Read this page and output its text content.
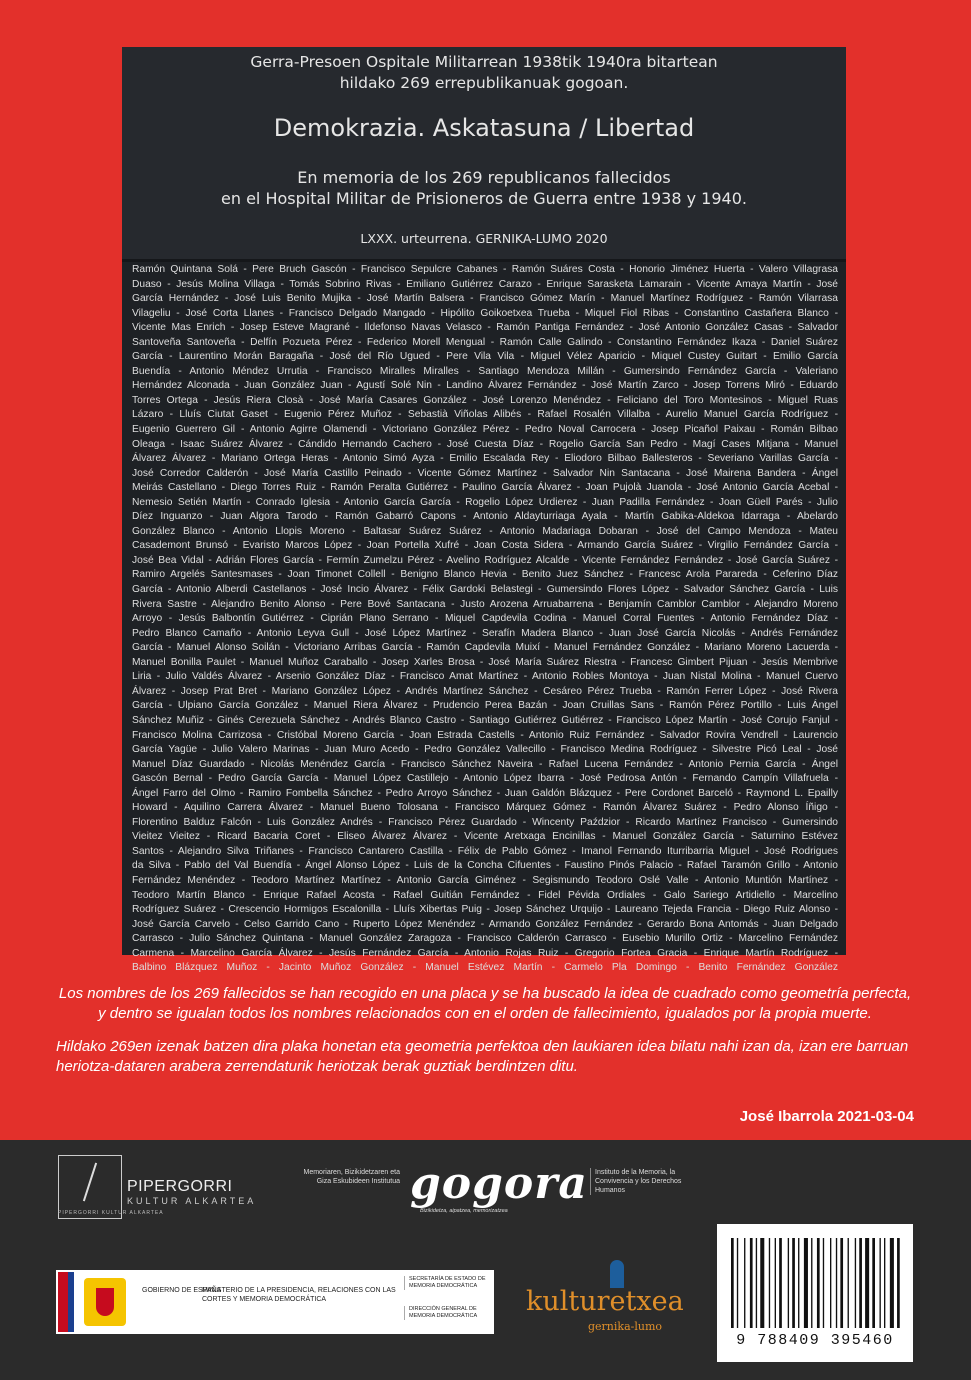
Gerra-Presoen Ospitale Militarrean 1938tik 1940ra bitartean
hildako 269 errepublikanuak gogoan.
Demokrazia. Askatasuna / Libertad
En memoria de los 269 republicanos fallecidos
en el Hospital Militar de Prisioneros de Guerra entre 1938 y 1940.
LXXX. urteurrena. GERNIKA-LUMO 2020
Ramón Quintana Solá - Pere Bruch Gascón - Francisco Sepulcre Cabanes - Ramón Suáres Costa - Honorio Jiménez Huerta - Valero Villagrasa
Duaso - Jesús Molina Villaga - Tomás Sobrino Rivas - Emiliano Gutiérrez Carazo - Enrique Sarasketa Lamarain - Vicente Amaya Martín - José
García Hernández - José Luis Benito Mujika - José Martín Balsera - Francisco Gómez Marín - Manuel Martínez Rodríguez - Ramón Vilarrasa
Vilageliu - José Corta Llanes - Francisco Delgado Mangado - Hipólito Goikoetxea Trueba - Miquel Fiol Ribas - Constantino Castañera Blanco -
Vicente Mas Enrich - Josep Esteve Magrané - Ildefonso Navas Velasco - Ramón Pantiga Fernández - José Antonio González Casas - Salvador
Santoveña Santoveña - Delfín Pozueta Pérez - Federico Morell Mengual - Ramón Calle Galindo - Constantino Fernández Ikaza - Daniel Suárez
García - Laurentino Morán Baragaña - José del Río Ugued - Pere Vila Vila - Miguel Vélez Aparicio - Miquel Custey Guitart - Emilio García
Buendía - Antonio Méndez Urrutia - Francisco Miralles Miralles - Santiago Mendoza Millán - Gumersindo Fernández García - Valeriano
Hernández Alconada - Juan González Juan - Agustí Solé Nin - Landino Álvarez Fernández - José Martín Zarco - Josep Torrens Miró - Eduardo
Torres Ortega - Jesús Riera Closà - José María Casares González - José Lorenzo Menéndez - Feliciano del Toro Montesinos - Miguel Ruas
Lázaro - Lluís Ciutat Gaset - Eugenio Pérez Muñoz - Sebastià Viñolas Alibés - Rafael Rosalén Villalba - Aurelio Manuel García Rodríguez -
Eugenio Guerrero Gil - Antonio Agirre Olamendi - Victoriano González Pérez - Pedro Noval Carrocera - Josep Picañol Paixau - Román Bilbao
Oleaga - Isaac Suárez Álvarez - Cándido Hernando Cachero - José Cuesta Díaz - Rogelio García San Pedro - Magí Cases Mitjana - Manuel
Álvarez Álvarez - Mariano Ortega Heras - Antonio Simó Ayza - Emilio Escalada Rey - Eliodoro Bilbao Ballesteros - Severiano Varillas García -
José Corredor Calderón - José María Castillo Peinado - Vicente Gómez Martínez - Salvador Nin Santacana - José Mairena Bandera - Ángel
Meirás Castellano - Diego Torres Ruiz - Ramón Peralta Gutiérrez - Paulino García Álvarez - Joan Pujolà Juanola - José Antonio García Acebal -
Nemesio Setién Martín - Conrado Iglesia - Antonio García García - Rogelio López Urdierez - Juan Padilla Fernández - Joan Güell Parés - Julio
Díez Inguanzo - Juan Algora Tarodo - Ramón Gabarró Capons - Antonio Aldayturriaga Ayala - Martín Gabika-Aldekoa Idarraga - Abelardo
González Blanco - Antonio Llopis Moreno - Baltasar Suárez Suárez - Antonio Madariaga Dobaran - José del Campo Mendoza - Mateu
Casademont Brunsó - Evaristo Marcos López - Joan Portella Xufré - Joan Costa Sidera - Armando García Suárez - Virgilio Fernández García -
José Bea Vidal - Adrián Flores García - Fermín Zumelzu Pérez - Avelino Rodríguez Alcalde - Vicente Fernández Fernández - José García Suárez -
Ramiro Argelés Santesmases - Joan Timonet Collell - Benigno Blanco Hevia - Benito Juez Sánchez - Francesc Arola Parareda - Ceferino Díaz
García - Antonio Alberdi Castellanos - José Incio Álvarez - Félix Gardoki Belastegi - Gumersindo Flores López - Salvador Sánchez García - Luis
Rivera Sastre - Alejandro Benito Alonso - Pere Bové Santacana - Justo Arozena Arruabarrena - Benjamín Camblor Camblor - Alejandro Moreno
Arroyo - Jesús Balbontín Gutiérrez - Ciprián Plano Serrano - Miquel Capdevila Codina - Manuel Corral Fuentes - Antonio Fernández Díaz -
Pedro Blanco Camaño - Antonio Leyva Gull - José López Martínez - Serafín Madera Blanco - Juan José García Nicolás - Andrés Fernández
García - Manuel Alonso Soilán - Victoriano Arribas García - Ramón Capdevila Muixí - Manuel Fernández González - Mariano Moreno Lacuerda -
Manuel Bonilla Paulet - Manuel Muñoz Caraballo - Josep Xarles Brosa - José María Suárez Riestra - Francesc Gimbert Pijuan - Jesús Membrive
Liria - Julio Valdés Álvarez - Arsenio González Díaz - Francisco Amat Martínez - Antonio Robles Montoya - Juan Nistal Molina - Manuel Cuervo
Álvarez - Josep Prat Bret - Mariano González López - Andrés Martínez Sánchez - Cesáreo Pérez Trueba - Ramón Ferrer López - José Rivera
García - Ulpiano García González - Manuel Riera Álvarez - Prudencio Perea Bazán - Joan Cruillas Sans - Ramón Pérez Portillo - Luis Ángel
Sánchez Muñiz - Ginés Cerezuela Sánchez - Andrés Blanco Castro - Santiago Gutiérrez Gutiérrez - Francisco López Martín - José Corujo Fanjul -
Francisco Molina Carrizosa - Cristóbal Moreno García - Joan Estrada Castells - Antonio Ruiz Fernández - Salvador Rovira Vendrell - Laurencio
García Yagüe - Julio Valero Marinas - Juan Muro Acedo - Pedro González Vallecillo - Francisco Medina Rodríguez - Silvestre Picó Leal - José
Manuel Díaz Guardado - Nicolás Menéndez García - Francisco Sánchez Naveira - Rafael Lucena Fernández - Antonio Pernia García - Ángel
Gascón Bernal - Pedro García García - Manuel López Castillejo - Antonio López Ibarra - José Pedrosa Antón - Fernando Campín Villafruela -
Ángel Farro del Olmo - Ramiro Fombella Sánchez - Pedro Arroyo Sánchez - Juan Galdón Blázquez - Pere Cordonet Barceló - Raymond L. Epailly
Howard - Aquilino Carrera Álvarez - Manuel Bueno Tolosana - Francisco Márquez Gómez - Ramón Álvarez Suárez - Pedro Alonso Íñigo -
Florentino Balduz Falcón - Luis González Andrés - Francisco Pérez Guardado - Wincenty Paździor - Ricardo Martínez Francisco - Gumersindo
Vieitez Vieitez - Ricard Bacaria Coret - Eliseo Álvarez Álvarez - Vicente Aretxaga Encinillas - Manuel González García - Saturnino Estévez
Santos - Alejandro Silva Triñanes - Francisco Cantarero Castilla - Félix de Pablo Gómez - Imanol Fernando Iturribarria Miguel - José Rodrigues
da Silva - Pablo del Val Buendía - Ángel Alonso López - Luis de la Concha Cifuentes - Faustino Pinós Palacio - Rafael Taramón Grillo - Antonio
Fernández Menéndez - Teodoro Martínez Martínez - Antonio García Giménez - Segismundo Teodoro Oslé Valle - Antonio Muntión Martínez -
Teodoro Martín Blanco - Enrique Rafael Acosta - Rafael Guitián Fernández - Fidel Pévida Ordiales - Galo Sariego Artidiello - Marcelino
Rodríguez Suárez - Crescencio Hormigos Escalonilla - Lluís Xibertas Puig - Josep Sánchez Urquijo - Laureano Tejeda Francia - Diego Ruiz Alonso -
José García Carvelo - Celso Garrido Cano - Ruperto López Menéndez - Armando González Fernández - Gerardo Bona Antomás - Juan Delgado
Carrasco - Julio Sánchez Quintana - Manuel González Zaragoza - Francisco Calderón Carrasco - Eusebio Murillo Ortiz - Marcelino Fernández
Carmena - Marcelino García Álvarez - Jesús Fernández García - Antonio Rojas Ruiz - Gregorio Fortea Gracia - Enrique Martín Rodríguez -
Balbino Blázquez Muñoz - Jacinto Muñoz González - Manuel Estévez Martín - Carmelo Pla Domingo - Benito Fernández González
Los nombres de los 269 fallecidos se han recogido en una placa y se ha buscado la idea de cuadrado como geometría perfecta, y dentro se igualan todos los nombres relacionados con en el orden de fallecimiento, igualados por la propia muerte.
Hildako 269en izenak batzen dira plaka honetan eta geometria perfektoa den laukiaren idea bilatu nahi izan da, izan ere barruan heriotza-dataren arabera zerrendaturik heriotzak berak guztiak berdintzen ditu.
José Ibarrola 2021-03-04
PIPERGORRI
KULTUR ALKARTEA
PIPERGORRI KULTUR ALKARTEA
Memoriaren, Bizikidetzaren eta Giza Eskubideen Institutua gogora
Bizikidetza, aipatzea, memorizatzea
Instituto de la Memoria, la Convivencia y los Derechos Humanos
GOBIERNO DE ESPAÑA
MINISTERIO DE LA PRESIDENCIA, RELACIONES CON LAS CORTES Y MEMORIA DEMOCRÁTICA
SECRETARÍA DE ESTADO DE MEMORIA DEMOCRÁTICA
DIRECCIÓN GENERAL DE MEMORIA DEMOCRÁTICA	kulturetxea
gernika-lumo
9 788409 395460
